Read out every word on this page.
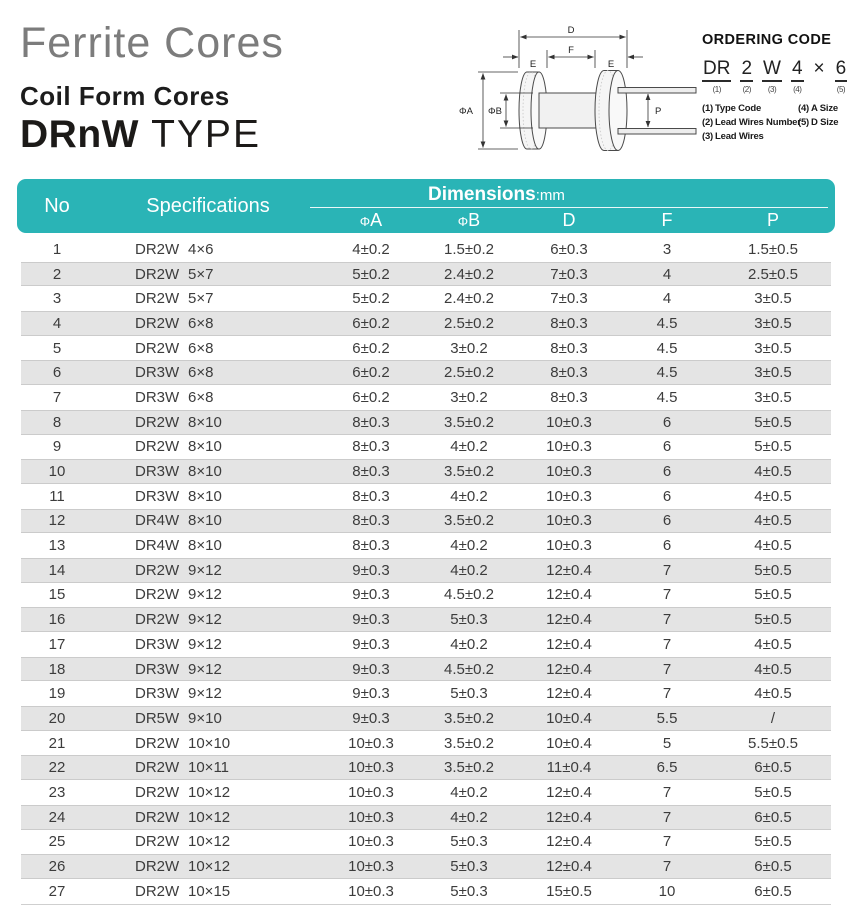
Ferrite Cores
Coil Form Cores
DRnW TYPE
D
E
F
E
ΦA ΦB	P
ORDERING CODE
DR
(1)
2
(2)
W
(3)
4
(4)
× 6
(5)
(1) Type Code
(2) Lead Wires Number
(3) Lead Wires
(4) A Size
(5) D Size
No	Specifications
Dimensions:mm
ΦA	ΦB	D	F	P
1	DR2W 4×6	4±0.2	1.5±0.2	6±0.3	3	1.5±0.5
2	DR2W 5×7	5±0.2	2.4±0.2	7±0.3	4	2.5±0.5
3	DR2W 5×7	5±0.2	2.4±0.2	7±0.3	4	3±0.5
4	DR2W 6×8	6±0.2	2.5±0.2	8±0.3	4.5	3±0.5
5	DR2W 6×8	6±0.2	3±0.2	8±0.3	4.5	3±0.5
6	DR3W 6×8	6±0.2	2.5±0.2	8±0.3	4.5	3±0.5
7	DR3W 6×8	6±0.2	3±0.2	8±0.3	4.5	3±0.5
8	DR2W 8×10	8±0.3	3.5±0.2	10±0.3	6	5±0.5
9	DR2W 8×10	8±0.3	4±0.2	10±0.3	6	5±0.5
10	DR3W 8×10	8±0.3	3.5±0.2	10±0.3	6	4±0.5
11	DR3W 8×10	8±0.3	4±0.2	10±0.3	6	4±0.5
12	DR4W 8×10	8±0.3	3.5±0.2	10±0.3	6	4±0.5
13	DR4W 8×10	8±0.3	4±0.2	10±0.3	6	4±0.5
14	DR2W 9×12	9±0.3	4±0.2	12±0.4	7	5±0.5
15	DR2W 9×12	9±0.3	4.5±0.2	12±0.4	7	5±0.5
16	DR2W 9×12	9±0.3	5±0.3	12±0.4	7	5±0.5
17	DR3W 9×12	9±0.3	4±0.2	12±0.4	7	4±0.5
18	DR3W 9×12	9±0.3	4.5±0.2	12±0.4	7	4±0.5
19	DR3W 9×12	9±0.3	5±0.3	12±0.4	7	4±0.5
20	DR5W 9×10	9±0.3	3.5±0.2	10±0.4	5.5	/
21	DR2W 10×10	10±0.3	3.5±0.2	10±0.4	5	5.5±0.5
22	DR2W 10×11	10±0.3	3.5±0.2	11±0.4	6.5	6±0.5
23	DR2W 10×12	10±0.3	4±0.2	12±0.4	7	5±0.5
24	DR2W 10×12	10±0.3	4±0.2	12±0.4	7	6±0.5
25	DR2W 10×12	10±0.3	5±0.3	12±0.4	7	5±0.5
26	DR2W 10×12	10±0.3	5±0.3	12±0.4	7	6±0.5
27	DR2W 10×15	10±0.3	5±0.3	15±0.5	10	6±0.5
